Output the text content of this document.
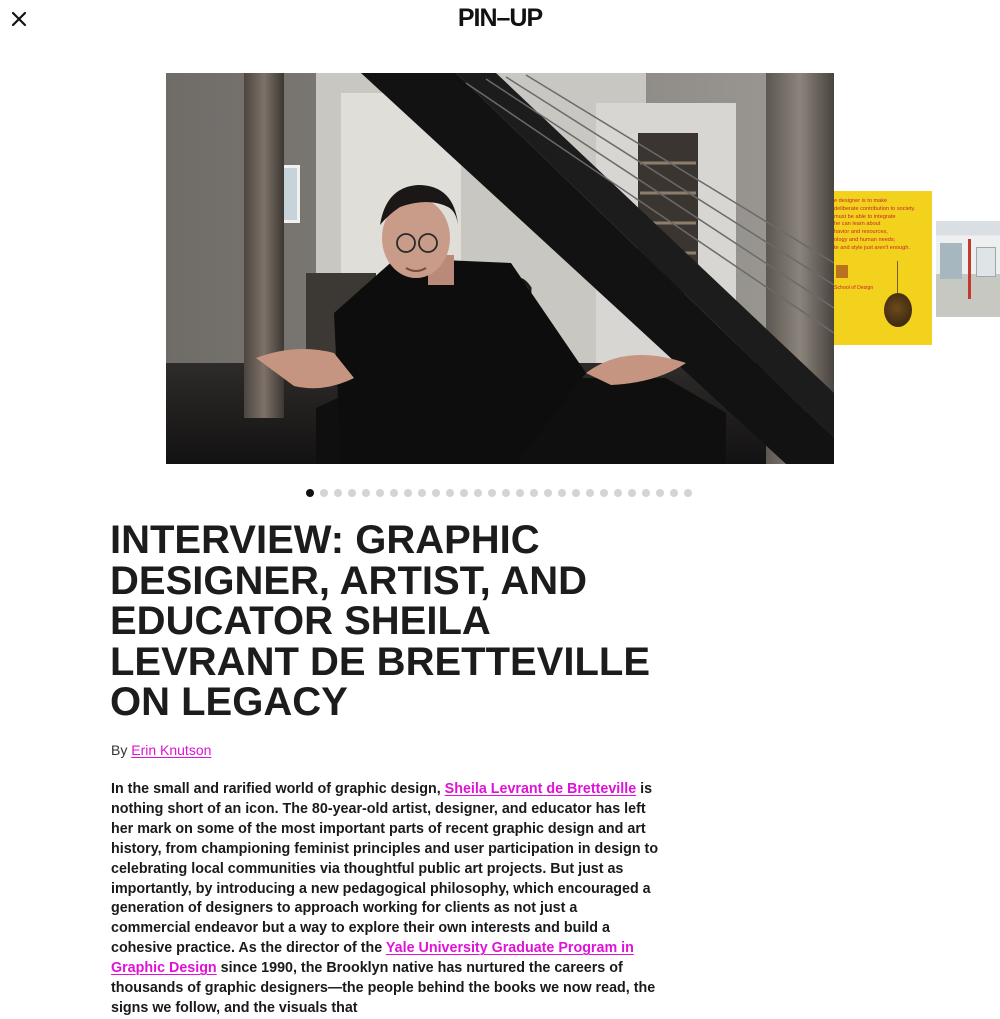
PIN–UP
e designer is to make
deliberate contribution to society.
must be able to integrate
he can learn about
havior and resources,
ology and human needs;
te and style just aren't enough.
School of Design
INTERVIEW: GRAPHIC DESIGNER, ARTIST, AND EDUCATOR SHEILA LEVRANT DE BRETTEVILLE ON LEGACY
By Erin Knutson
In the small and rarified world of graphic design, Sheila Levrant de Bretteville is nothing short of an icon. The 80-year-old artist, designer, and educator has left her mark on some of the most important parts of recent graphic design and art history, from championing feminist principles and user participation in design to celebrating local communities via thoughtful public art projects. But just as importantly, by introducing a new pedagogical philosophy, which encouraged a generation of designers to approach working for clients as not just a commercial endeavor but a way to explore their own interests and build a cohesive practice. As the director of the Yale University Graduate Program in Graphic Design since 1990, the Brooklyn native has nurtured the careers of thousands of graphic designers—the people behind the books we now read, the signs we follow, and the visuals that
